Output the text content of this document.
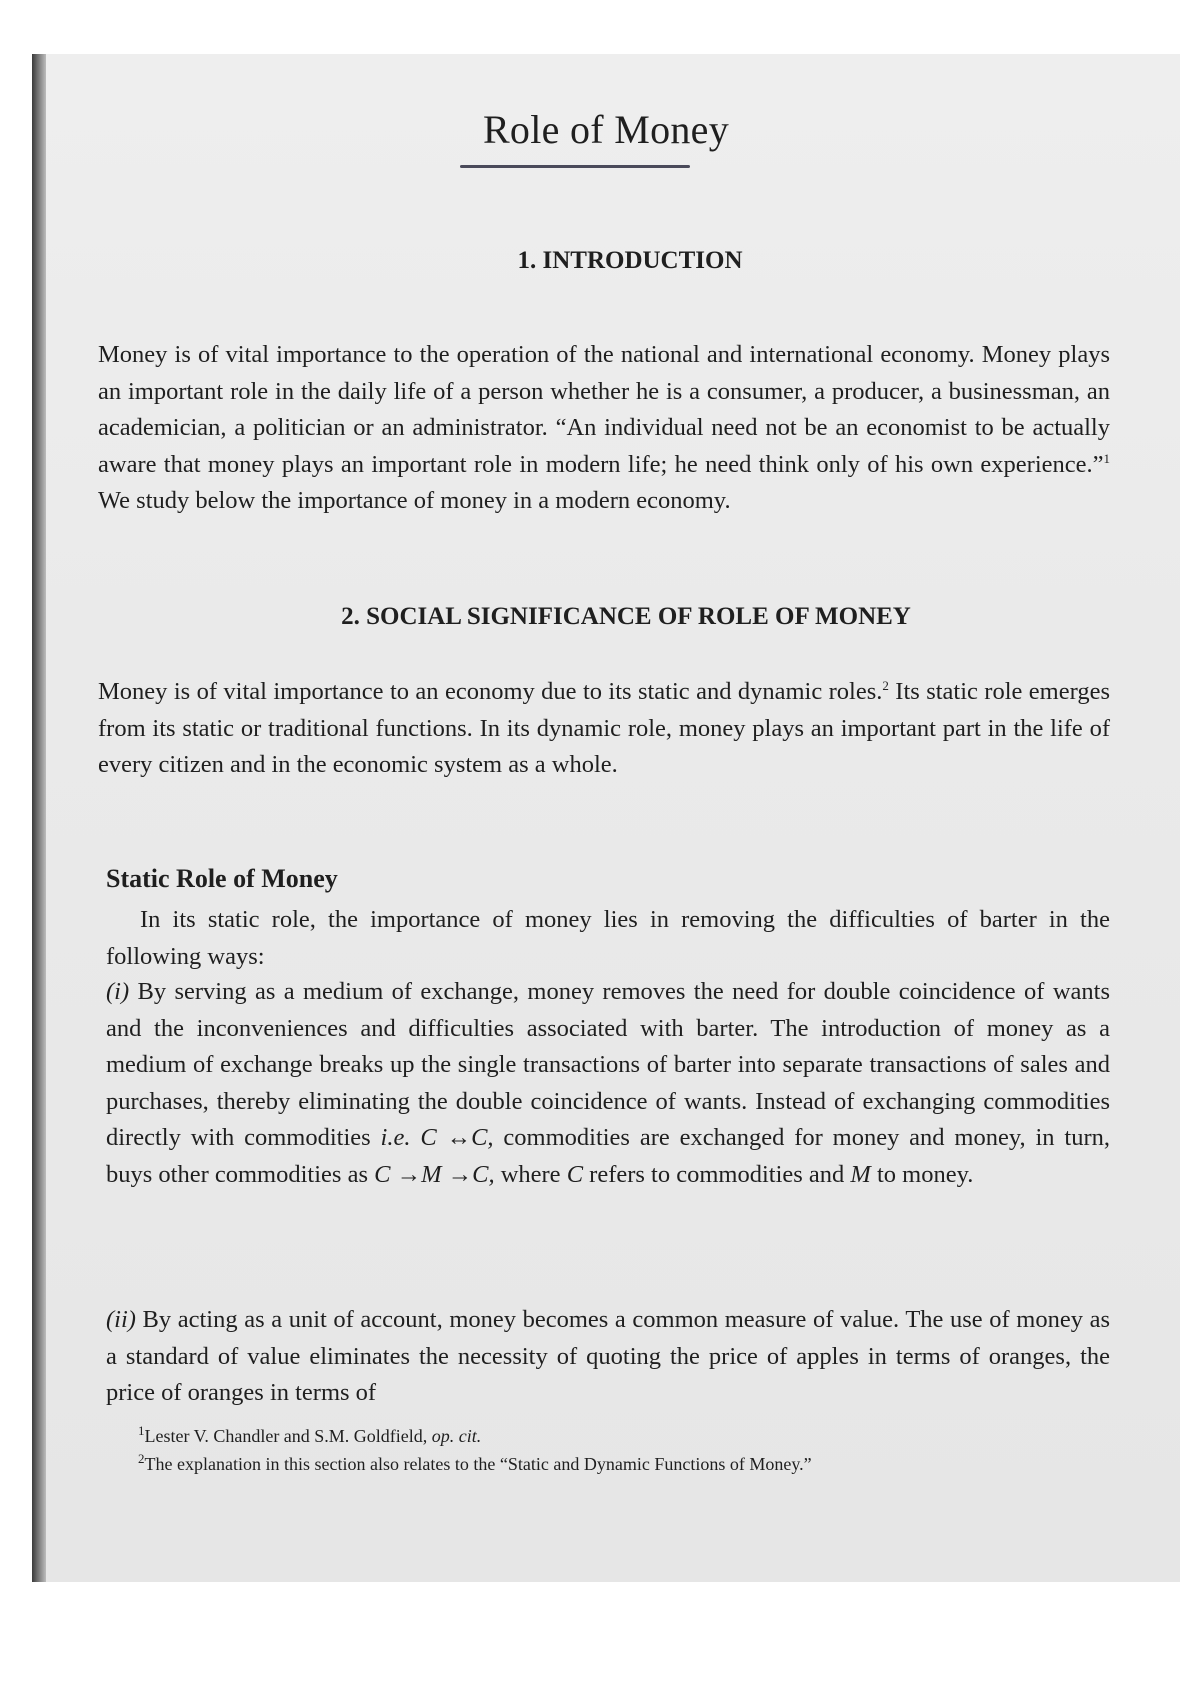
Role of Money
1. INTRODUCTION
Money is of vital importance to the operation of the national and international economy. Money plays an important role in the daily life of a person whether he is a consumer, a producer, a businessman, an academician, a politician or an administrator. “An individual need not be an economist to be actually aware that money plays an important role in modern life; he need think only of his own experience.”$^1$ We study below the importance of money in a modern economy.
2. SOCIAL SIGNIFICANCE OF ROLE OF MONEY
Money is of vital importance to an economy due to its static and dynamic roles.$^2$ Its static role emerges from its static or traditional functions. In its dynamic role, money plays an important part in the life of every citizen and in the economic system as a whole.
Static Role of Money
In its static role, the importance of money lies in removing the difficulties of barter in the following ways:
(i) By serving as a medium of exchange, money removes the need for double coincidence of wants and the inconveniences and difficulties associated with barter. The introduction of money as a medium of exchange breaks up the single transactions of barter into separate transactions of sales and purchases, thereby eliminating the double coincidence of wants. Instead of exchanging commodities directly with commodities i.e. C ↔C, commodities are exchanged for money and money, in turn, buys other commodities as C →M →C, where C refers to commodities and M to money.
(ii) By acting as a unit of account, money becomes a common measure of value. The use of money as a standard of value eliminates the necessity of quoting the price of apples in terms of oranges, the price of oranges in terms of
$^1$Lester V. Chandler and S.M. Goldfield, op. cit.
$^2$The explanation in this section also relates to the “Static and Dynamic Functions of Money.”
